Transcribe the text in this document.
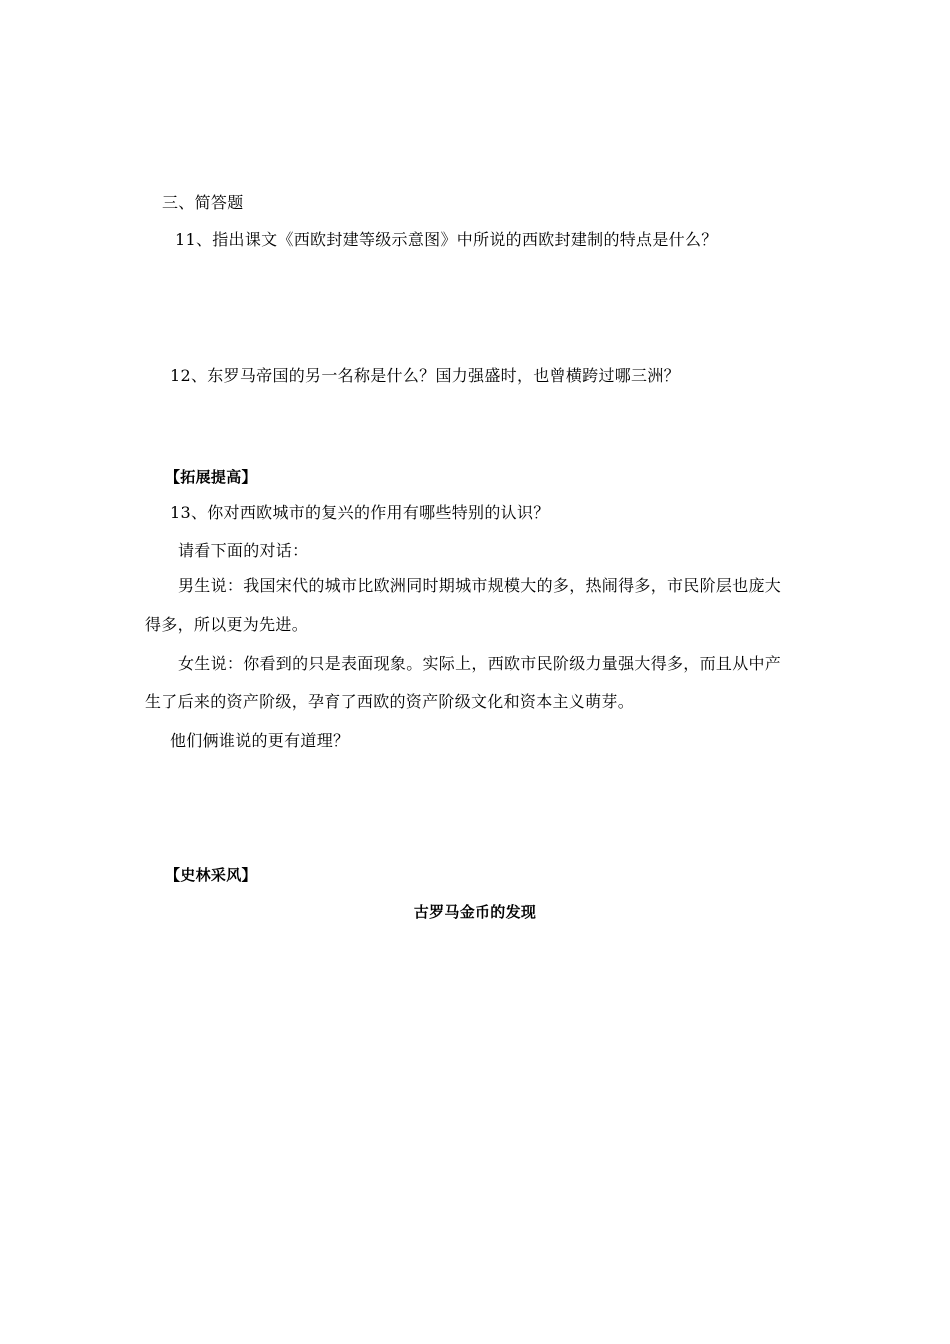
三、简答题
11、指出课文《西欧封建等级示意图》中所说的西欧封建制的特点是什么？
12、东罗马帝国的另一名称是什么？国力强盛时，也曾横跨过哪三洲？
【拓展提高】
13、你对西欧城市的复兴的作用有哪些特别的认识？
请看下面的对话：
男生说：我国宋代的城市比欧洲同时期城市规模大的多，热闹得多，市民阶层也庞大
得多，所以更为先进。
女生说：你看到的只是表面现象。实际上，西欧市民阶级力量强大得多，而且从中产
生了后来的资产阶级，孕育了西欧的资产阶级文化和资本主义萌芽。
他们俩谁说的更有道理？
【史林采风】
古罗马金币的发现
